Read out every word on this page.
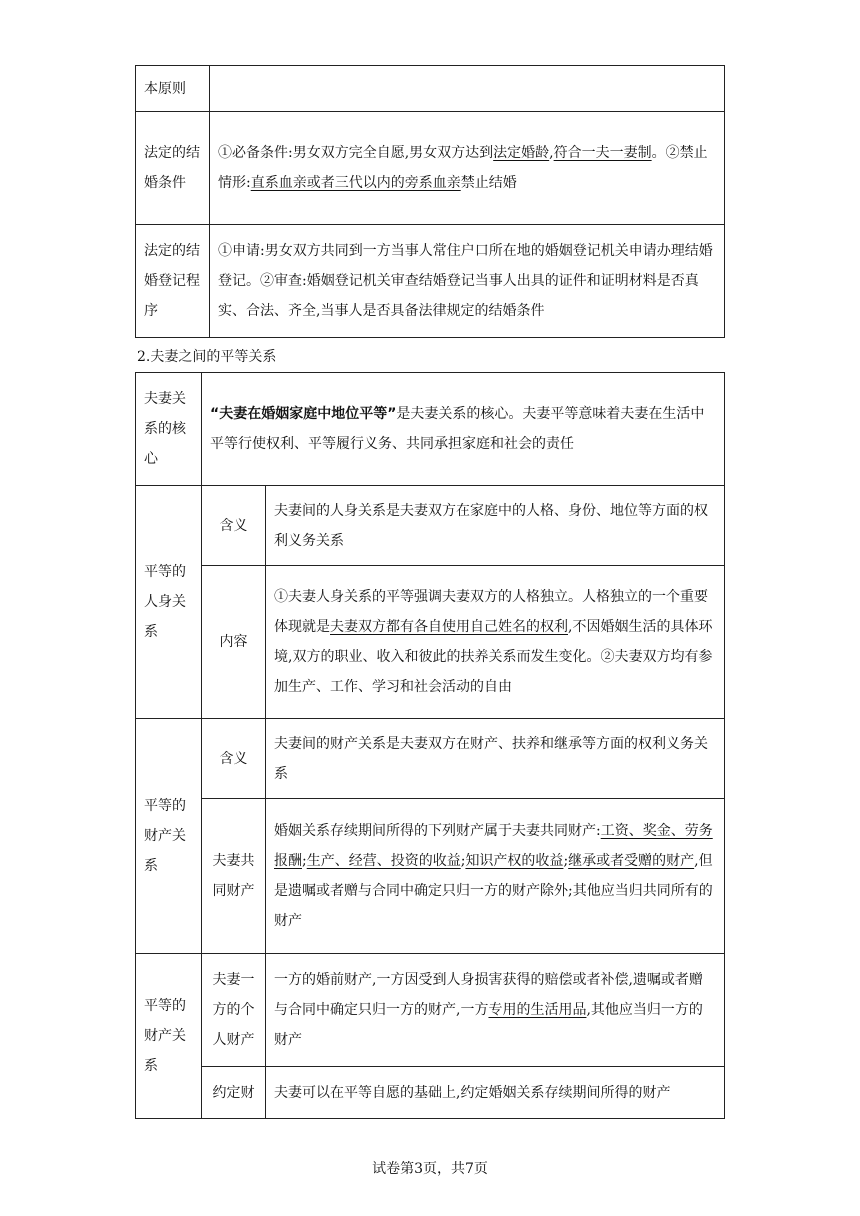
本原则	
法定的结婚条件	①必备条件:男女双方完全自愿,男女双方达到法定婚龄,符合一夫一妻制。②禁止情形:直系血亲或者三代以内的旁系血亲禁止结婚
法定的结婚登记程序	①申请:男女双方共同到一方当事人常住户口所在地的婚姻登记机关申请办理结婚登记。②审查:婚姻登记机关审查结婚登记当事人出具的证件和证明材料是否真实、合法、齐全,当事人是否具备法律规定的结婚条件
2.夫妻之间的平等关系
夫妻关系的核心	“夫妻在婚姻家庭中地位平等”是夫妻关系的核心。夫妻平等意味着夫妻在生活中平等行使权利、平等履行义务、共同承担家庭和社会的责任	
平等的人身关系	含义	夫妻间的人身关系是夫妻双方在家庭中的人格、身份、地位等方面的权利义务关系
	内容	①夫妻人身关系的平等强调夫妻双方的人格独立。人格独立的一个重要体现就是夫妻双方都有各自使用自己姓名的权利,不因婚姻生活的具体环境,双方的职业、收入和彼此的扶养关系而发生变化。②夫妻双方均有参加生产、工作、学习和社会活动的自由
平等的财产关系	含义	夫妻间的财产关系是夫妻双方在财产、扶养和继承等方面的权利义务关系
	夫妻共同财产	婚姻关系存续期间所得的下列财产属于夫妻共同财产:工资、奖金、劳务报酬;生产、经营、投资的收益;知识产权的收益;继承或者受赠的财产,但是遗嘱或者赠与合同中确定只归一方的财产除外;其他应当归共同所有的财产
平等的财产关系	夫妻一方的个人财产	一方的婚前财产,一方因受到人身损害获得的赔偿或者补偿,遗嘱或者赠与合同中确定只归一方的财产,一方专用的生活用品,其他应当归一方的财产
	约定财	夫妻可以在平等自愿的基础上,约定婚姻关系存续期间所得的财产
试卷第3页，共7页
